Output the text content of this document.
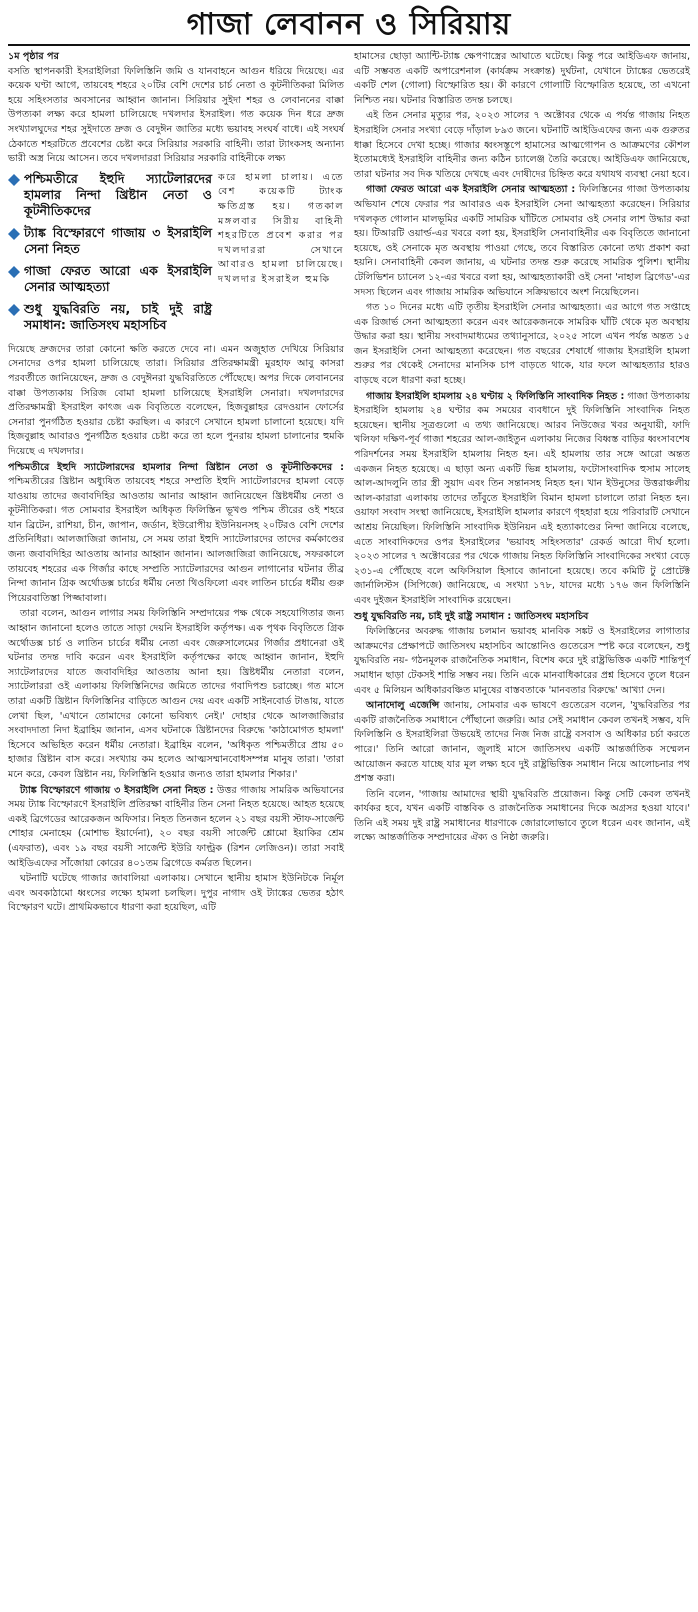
গাজা লেবানন ও সিরিয়ায়

১ম পৃষ্ঠার পর
বসতি স্থাপনকারী ইসরাইলিরা ফিলিস্তিনি জমি ও যানবাহনে আগুন ধরিয়ে দিয়েছে। এর কয়েক ঘণ্টা আগে, তায়বেহ শহরে ২০টির বেশি দেশের চার্চ নেতা ও কূটনীতিকরা মিলিত হয়ে সহিংসতার অবসানের আহ্বান জানান। সিরিয়ার সুইদা শহর ও লেবাননের বাক্কা উপত্যকা লক্ষ্য করে হামলা চালিয়েছে দখলদার ইসরাইল। গত কয়েক দিন ধরে দ্রুজ সংখ্যালঘুদের শহর সুইদাতে দ্রুজ ও বেদুঈন জাতির মধ্যে ভয়াবহ সংঘর্ষ বাধে। এই সংঘর্ষ ঠেকাতে শহরটিতে প্রবেশের চেষ্টা করে সিরিয়ার সরকারি বাহিনী। তারা ট্যাংকসহ অন্যান্য ভারী অস্ত্র নিয়ে আসেন। তবে দখলদাররা সিরিয়ার সরকারি বাহিনীকে লক্ষ্য

পশ্চিমতীরে ইহুদি স্যাটেলারদের হামলার নিন্দা খ্রিষ্টান নেতা ও কূটনীতিকদের
ট্যাঙ্ক বিস্ফোরণে গাজায় ৩ ইসরাইলি সেনা নিহত
গাজা ফেরত আরো এক ইসরাইলি সেনার আত্মহত্যা
শুধু যুদ্ধবিরতি নয়, চাই দুই রাষ্ট্র সমাধান: জাতিসংঘ মহাসচিব
করে হামলা চালায়। এতে বেশ কয়েকটি ট্যাংক ক্ষতিগ্রস্ত হয়। গতকাল মঙ্গলবার সিরীয় বাহিনী শহরটিতে প্রবেশ করার পর দখলদাররা সেখানে আবারও হামলা চালিয়েছে। দখলদার ইসরাইল হুমকি

দিয়েছে দ্রুজদের তারা কোনো ক্ষতি করতে দেবে না। এমন অজুহাত দেখিয়ে সিরিয়ার সেনাদের ওপর হামলা চালিয়েছে তারা। সিরিয়ার প্রতিরক্ষামন্ত্রী মুরহাফ আবু কাসরা পরবর্তীতে জানিয়েছেন, দ্রুজ ও বেদুঈনরা যুদ্ধবিরতিতে পৌঁছেছে। অপর দিকে লেবাননের বাক্কা উপত্যকায় সিরিজ বোমা হামলা চালিয়েছে ইসরাইলি সেনারা। দখলদারদের প্রতিরক্ষামন্ত্রী ইসরাইল কাৎজ এক বিবৃতিতে বলেছেন, হিজবুল্লাহর রেদওয়ান ফোর্সের সেনারা পুনর্গঠিত হওয়ার চেষ্টা করছিল। এ কারণে সেখানে হামলা চালানো হয়েছে। যদি হিজবুল্লাহ আবারও পুনর্গঠিত হওয়ার চেষ্টা করে তা হলে পুনরায় হামলা চালানোর হুমকি দিয়েছে এ দখলদার।

পশ্চিমতীরে ইহুদি স্যাটেলারদের হামলার নিন্দা খ্রিষ্টান নেতা ও কূটনীতিকদের : পশ্চিমতীরের খ্রিষ্টান অধ্যুষিত তায়বেহ শহরে সম্প্রতি ইহুদি স্যাটেলারদের হামলা বেড়ে যাওয়ায় তাদের জবাবদিহির আওতায় আনার আহ্বান জানিয়েছেন খ্রিষ্টধর্মীয় নেতা ও কূটনীতিকরা। গত সোমবার ইসরাইল অধিকৃত ফিলিস্তিন ভূখণ্ড পশ্চিম তীরের ওই শহরে যান ব্রিটেন, রাশিয়া, চীন, জাপান, জর্ডান, ইউরোপীয় ইউনিয়নসহ ২০টিরও বেশি দেশের প্রতিনিধিরা। আলজাজিরা জানায়, সে সময় তারা ইহুদি স্যাটেলারদের তাদের কর্মকাণ্ডের জন্য জবাবদিহির আওতায় আনার আহ্বান জানান। আলজাজিরা জানিয়েছে, সফরকালে তায়বেহ শহরের এক গির্জার কাছে সম্প্রতি স্যাটেলারদের আগুন লাগানোর ঘটনার তীব্র নিন্দা জানান গ্রিক অর্থোডক্স চার্চের ধর্মীয় নেতা থিওফিলো এবং লাতিন চার্চের ধর্মীয় গুরু পিয়েরবাতিস্তা পিজ্জাবালা।

তারা বলেন, আগুন লাগার সময় ফিলিস্তিনি সম্প্রদায়ের পক্ষ থেকে সহযোগিতার জন্য আহ্বান জানানো হলেও তাতে সাড়া দেয়নি ইসরাইলি কর্তৃপক্ষ। এক পৃথক বিবৃতিতে গ্রিক অর্থোডক্স চার্চ ও লাতিন চার্চের ধর্মীয় নেতা এবং জেরুসালেমের গির্জার প্রধানেরা ওই ঘটনার তদন্ত দাবি করেন এবং ইসরাইলি কর্তৃপক্ষের কাছে আহ্বান জানান, ইহুদি স্যাটেলারদের যাতে জবাবদিহির আওতায় আনা হয়। খ্রিষ্টধর্মীয় নেতারা বলেন, স্যাটেলাররা ওই এলাকায় ফিলিস্তিনিদের জমিতে তাদের গবাদিপশু চরাচ্ছে। গত মাসে তারা একটি খ্রিষ্টান ফিলিস্তিনির বাড়িতে আগুন দেয় এবং একটি সাইনবোর্ড টাঙায়, যাতে লেখা ছিল, 'এখানে তোমাদের কোনো ভবিষ্যৎ নেই।' দোহার থেকে আলজাজিরার সংবাদদাতা নিদা ইব্রাহিম জানান, এসব ঘটনাকে খ্রিষ্টানদের বিরুদ্ধে 'কাঠামোগত হামলা' হিসেবে অভিহিত করেন ধর্মীয় নেতারা। ইব্রাহিম বলেন, 'অধিকৃত পশ্চিমতীরে প্রায় ৫০ হাজার খ্রিষ্টান বাস করে। সংখ্যায় কম হলেও আত্মসম্মানবোধসম্পন্ন মানুষ তারা। 'তারা মনে করে, কেবল খ্রিষ্টান নয়, ফিলিস্তিনি হওয়ার জন্যও তারা হামলার শিকার।'

ট্যাঙ্ক বিস্ফোরণে গাজায় ৩ ইসরাইলি সেনা নিহত : উত্তর গাজায় সামরিক অভিযানের সময় ট্যাঙ্ক বিস্ফোরণে ইসরাইলি প্রতিরক্ষা বাহিনীর তিন সেনা নিহত হয়েছে। আহত হয়েছে একই ব্রিগেডের আরেকজন অফিসার। নিহত তিনজন হলেন ২১ বছর বয়সী স্টাফ-সার্জেন্ট শোহার মেনাহেম (মোশাভ ইয়ার্দেনা), ২০ বছর বয়সী সার্জেন্ট শ্লোমো ইয়াকির শ্রেম (এফরাত), এবং ১৯ বছর বয়সী সার্জেন্ট ইউরি ফাল্ট্রক (রিশন লেজিওন)। তারা সবাই আইডিএফের সাঁজোয়া কোরের ৪০১তম ব্রিগেডে কর্মরত ছিলেন।

ঘটনাটি ঘটেছে গাজার জাবালিয়া এলাকায়। সেখানে স্থানীয় হামাস ইউনিটকে নির্মূল এবং অবকাঠামো ধ্বংসের লক্ষ্যে হামলা চলছিল। দুপুর নাগাদ ওই ট্যাঙ্কের ভেতর হঠাৎ বিস্ফোরণ ঘটে। প্রাথমিকভাবে ধারণা করা হয়েছিল, এটি

হামাসের ছোড়া অ্যান্টি-ট্যাঙ্ক ক্ষেপণাস্ত্রের আঘাতে ঘটেছে। কিন্তু পরে আইডিএফ জানায়, এটি সম্ভবত একটি অপারেশনাল (কার্যক্রম সংক্রান্ত) দুর্ঘটনা, যেখানে ট্যাঙ্কের ভেতরেই একটি শেল (গোলা) বিস্ফোরিত হয়। কী কারণে গোলাটি বিস্ফোরিত হয়েছে, তা এখনো নিশ্চিত নয়। ঘটনার বিস্তারিত তদন্ত চলছে।

এই তিন সেনার মৃত্যুর পর, ২০২৩ সালের ৭ অক্টোবর থেকে এ পর্যন্ত গাজায় নিহত ইসরাইলি সেনার সংখ্যা বেড়ে দাঁড়াল ৮৯৩ জনে। ঘটনাটি আইডিএফের জন্য এক গুরুতর ধাক্কা হিসেবে দেখা হচ্ছে। গাজার ধ্বংসস্তূপে হামাসের আত্মগোপন ও আক্রমণের কৌশল ইতোমধ্যেই ইসরাইলি বাহিনীর জন্য কঠিন চ্যালেঞ্জ তৈরি করেছে। আইডিএফ জানিয়েছে, তারা ঘটনার সব দিক খতিয়ে দেখছে এবং দোষীদের চিহ্নিত করে যথাযথ ব্যবস্থা নেয়া হবে।

গাজা ফেরত আরো এক ইসরাইলি সেনার আত্মহত্যা : ফিলিস্তিনের গাজা উপত্যকায় অভিযান শেষে ফেরার পর আবারও এক ইসরাইলি সেনা আত্মহত্যা করেছেন। সিরিয়ার দখলকৃত গোলান মালভূমির একটি সামরিক ঘাঁটিতে সোমবার ওই সেনার লাশ উদ্ধার করা হয়। টিআরটি ওয়ার্ল্ড-এর খবরে বলা হয়, ইসরাইলি সেনাবাহিনীর এক বিবৃতিতে জানানো হয়েছে, ওই সেনাকে মৃত অবস্থায় পাওয়া গেছে, তবে বিস্তারিত কোনো তথ্য প্রকাশ করা হয়নি। সেনাবাহিনী কেবল জানায়, এ ঘটনার তদন্ত শুরু করেছে সামরিক পুলিশ। স্থানীয় টেলিভিশন চ্যানেল ১২-এর খবরে বলা হয়, আত্মহত্যাকারী ওই সেনা 'নাহাল ব্রিগেড'-এর সদস্য ছিলেন এবং গাজায় সামরিক অভিযানে সক্রিয়ভাবে অংশ নিয়েছিলেন।

গত ১০ দিনের মধ্যে এটি তৃতীয় ইসরাইলি সেনার আত্মহত্যা। এর আগে গত সপ্তাহে এক রিজার্ভ সেনা আত্মহত্যা করেন এবং আরেকজনকে সামরিক ঘাঁটি থেকে মৃত অবস্থায় উদ্ধার করা হয়। স্থানীয় সংবাদমাধ্যমের তথ্যানুসারে, ২০২৫ সালে এখন পর্যন্ত অন্তত ১৫ জন ইসরাইলি সেনা আত্মহত্যা করেছেন। গত বছরের শেষার্ধে গাজায় ইসরাইলি হামলা শুরুর পর থেকেই সেনাদের মানসিক চাপ বাড়তে থাকে, যার ফলে আত্মহত্যার হারও বাড়ছে বলে ধারণা করা হচ্ছে।

গাজায় ইসরাইলি হামলায় ২৪ ঘণ্টায় ২ ফিলিস্তিনি সাংবাদিক নিহত : গাজা উপত্যকায় ইসরাইলি হামলায় ২৪ ঘণ্টার কম সময়ের ব্যবধানে দুই ফিলিস্তিনি সাংবাদিক নিহত হয়েছেন। স্থানীয় সূত্রগুলো এ তথ্য জানিয়েছে। আরব নিউজের খবর অনুযায়ী, ফাদি খলিফা দক্ষিণ-পূর্ব গাজা শহরের আল-জাইতুন এলাকায় নিজের বিধ্বস্ত বাড়ির ধ্বংসাবশেষ পরিদর্শনের সময় ইসরাইলি হামলায় নিহত হন। এই হামলায় তার সঙ্গে আরো অন্তত একজন নিহত হয়েছে। এ ছাড়া অন্য একটি ভিন্ন হামলায়, ফটোসাংবাদিক হুসাম সালেহ আল-আদলুনি তার স্ত্রী সুয়াদ এবং তিন সন্তানসহ নিহত হন। খান ইউনুসের উত্তরাঞ্চলীয় আল-কারারা এলাকায় তাদের তাঁবুতে ইসরাইলি বিমান হামলা চালালে তারা নিহত হন। ওয়াফা সংবাদ সংস্থা জানিয়েছে, ইসরাইলি হামলার কারণে গৃহহারা হয়ে পরিবারটি সেখানে আশ্রয় নিয়েছিল। ফিলিস্তিনি সাংবাদিক ইউনিয়ন এই হত্যাকাণ্ডের নিন্দা জানিয়ে বলেছে, এতে সাংবাদিকদের ওপর ইসরাইলের 'ভয়াবহ সহিংসতার' রেকর্ড আরো দীর্ঘ হলো। ২০২৩ সালের ৭ অক্টোবরের পর থেকে গাজায় নিহত ফিলিস্তিনি সাংবাদিকের সংখ্যা বেড়ে ২৩১-এ পৌঁছেছে বলে অফিসিয়াল হিসাবে জানানো হয়েছে। তবে কমিটি টু প্রোটেক্ট জার্নালিস্টস (সিপিজে) জানিয়েছে, এ সংখ্যা ১৭৮, যাদের মধ্যে ১৭৬ জন ফিলিস্তিনি এবং দুইজন ইসরাইলি সাংবাদিক রয়েছেন।

শুধু যুদ্ধবিরতি নয়, চাই দুই রাষ্ট্র সমাধান : জাতিসংঘ মহাসচিব

ফিলিস্তিনের অবরুদ্ধ গাজায় চলমান ভয়াবহ মানবিক সঙ্কট ও ইসরাইলের লাগাতার আক্রমণের প্রেক্ষাপটে জাতিসংঘ মহাসচিব আন্তোনিও গুতেরেস স্পষ্ট করে বলেছেন, শুধু যুদ্ধবিরতি নয়- গঠনমূলক রাজনৈতিক সমাধান, বিশেষ করে দুই রাষ্ট্রভিত্তিক একটি শান্তিপূর্ণ সমাধান ছাড়া টেকসই শান্তি সম্ভব নয়। তিনি একে মানবাধিকারের প্রশ্ন হিসেবে তুলে ধরেন এবং ৫ মিলিয়ন অধিকারবঞ্চিত মানুষের বাস্তবতাকে 'মানবতার বিরুদ্ধে' আখ্যা দেন।

আনাদোলু এজেন্সি জানায়, সোমবার এক ভাষণে গুতেরেস বলেন, 'যুদ্ধবিরতির পর একটি রাজনৈতিক সমাধানে পৌঁছানো জরুরি। আর সেই সমাধান কেবল তখনই সম্ভব, যদি ফিলিস্তিনি ও ইসরাইলিরা উভয়েই তাদের নিজ নিজ রাষ্ট্রে বসবাস ও অধিকার চর্চা করতে পারে।' তিনি আরো জানান, জুলাই মাসে জাতিসংঘ একটি আন্তর্জাতিক সম্মেলন আয়োজন করতে যাচ্ছে যার মূল লক্ষ্য হবে দুই রাষ্ট্রভিত্তিক সমাধান নিয়ে আলোচনার পথ প্রশস্ত করা।

তিনি বলেন, 'গাজায় আমাদের স্থায়ী যুদ্ধবিরতি প্রয়োজন। কিন্তু সেটি কেবল তখনই কার্যকর হবে, যখন একটি বাস্তবিক ও রাজনৈতিক সমাধানের দিকে অগ্রসর হওয়া যাবে।' তিনি এই সময় দুই রাষ্ট্র সমাধানের ধারণাকে জোরালোভাবে তুলে ধরেন এবং জানান, এই লক্ষ্যে আন্তর্জাতিক সম্প্রদায়ের ঐক্য ও নিষ্ঠা জরুরি।
